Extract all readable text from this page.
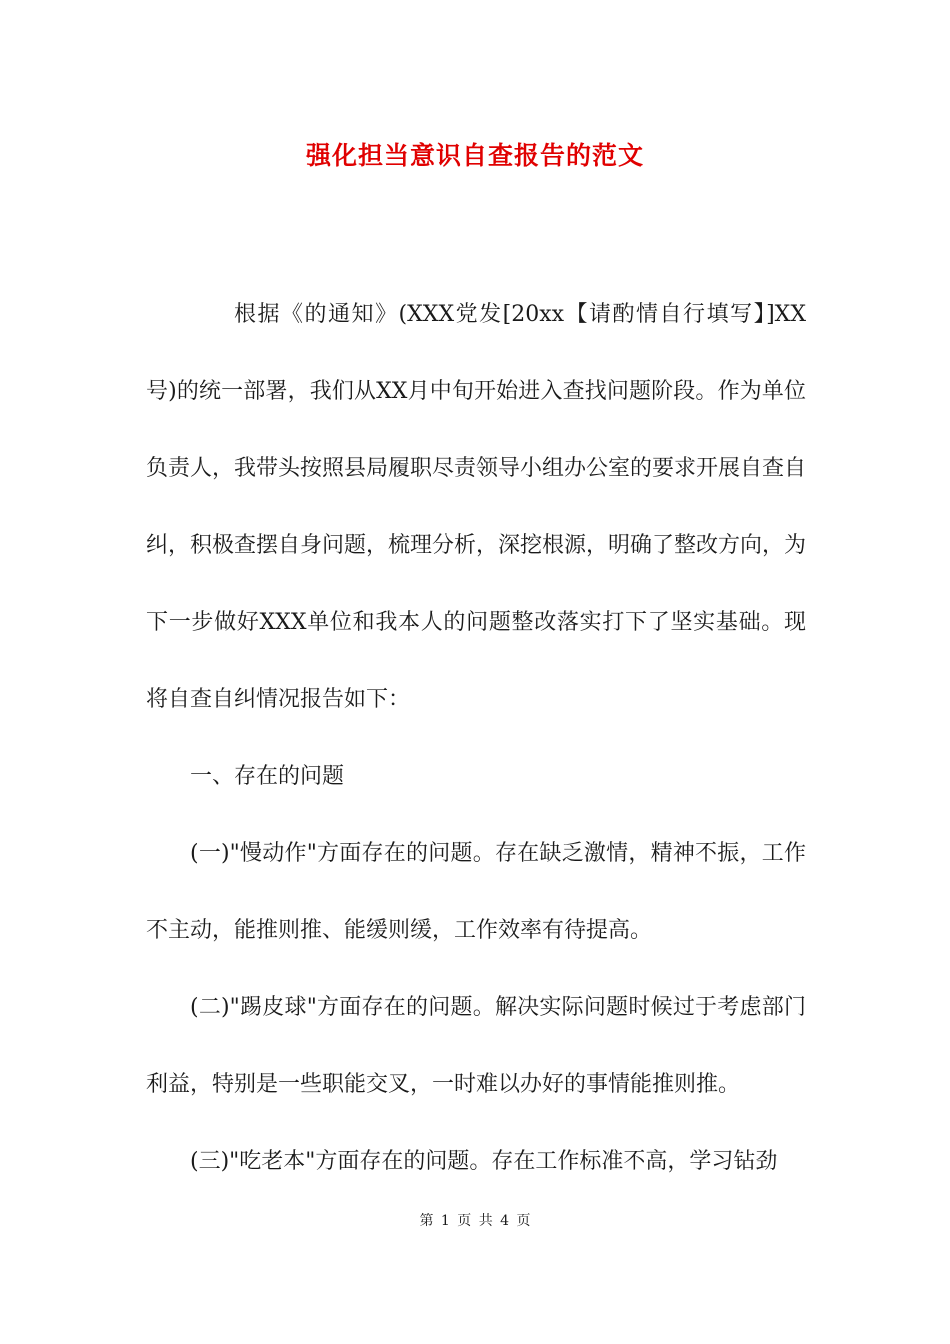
强化担当意识自查报告的范文

根据《的通知》(XXX党发[20xx【请酌情自行填写】]XX号)的统一部署，我们从XX月中旬开始进入查找问题阶段。作为单位负责人，我带头按照县局履职尽责领导小组办公室的要求开展自查自纠，积极查摆自身问题，梳理分析，深挖根源，明确了整改方向，为下一步做好XXX单位和我本人的问题整改落实打下了坚实基础。现将自查自纠情况报告如下：

一、存在的问题

(一)"慢动作"方面存在的问题。存在缺乏激情，精神不振，工作不主动，能推则推、能缓则缓，工作效率有待提高。

(二)"踢皮球"方面存在的问题。解决实际问题时候过于考虑部门利益，特别是一些职能交叉，一时难以办好的事情能推则推。

(三)"吃老本"方面存在的问题。存在工作标准不高，学习钻劲

第 1 页 共 4 页
